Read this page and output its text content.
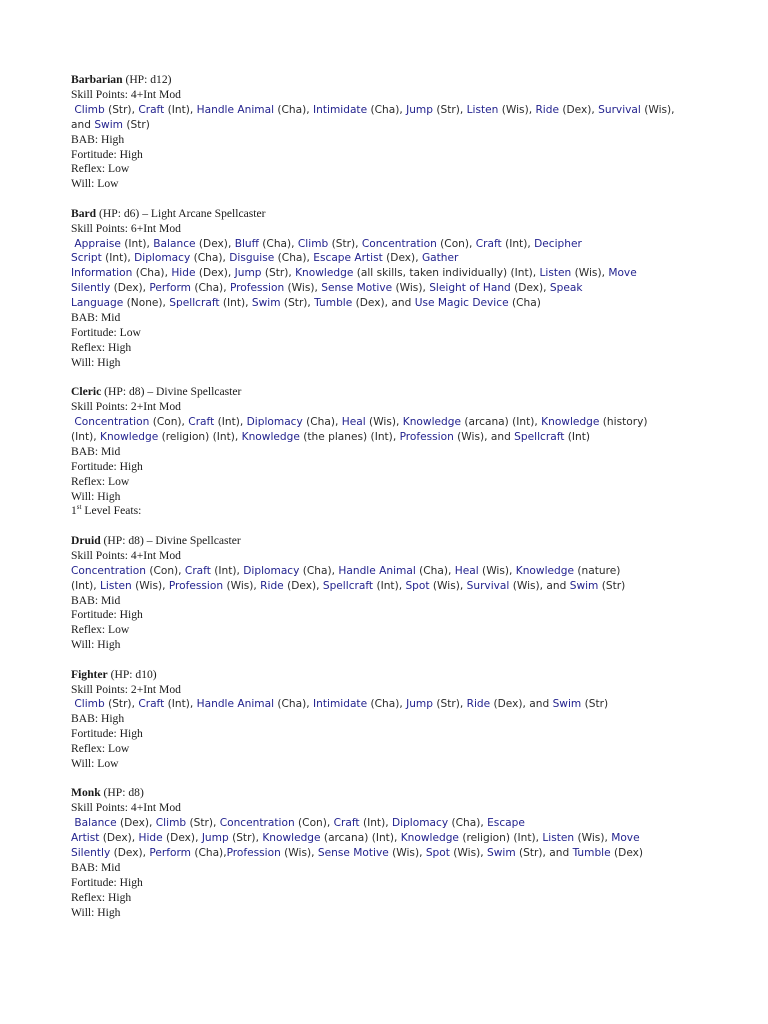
Barbarian (HP: d12)
Skill Points: 4+Int Mod
Climb (Str), Craft (Int), Handle Animal (Cha), Intimidate (Cha), Jump (Str), Listen (Wis), Ride (Dex), Survival (Wis),
and Swim (Str)
BAB: High
Fortitude: High
Reflex: Low
Will: Low
Bard (HP: d6) – Light Arcane Spellcaster
Skill Points: 6+Int Mod
Appraise (Int), Balance (Dex), Bluff (Cha), Climb (Str), Concentration (Con), Craft (Int), Decipher
Script (Int), Diplomacy (Cha), Disguise (Cha), Escape Artist (Dex), Gather
Information (Cha), Hide (Dex), Jump (Str), Knowledge (all skills, taken individually) (Int), Listen (Wis), Move
Silently (Dex), Perform (Cha), Profession (Wis), Sense Motive (Wis), Sleight of Hand (Dex), Speak
Language (None), Spellcraft (Int), Swim (Str), Tumble (Dex), and Use Magic Device (Cha)
BAB: Mid
Fortitude: Low
Reflex: High
Will: High
Cleric (HP: d8) – Divine Spellcaster
Skill Points: 2+Int Mod
Concentration (Con), Craft (Int), Diplomacy (Cha), Heal (Wis), Knowledge (arcana) (Int), Knowledge (history)
(Int), Knowledge (religion) (Int), Knowledge (the planes) (Int), Profession (Wis), and Spellcraft (Int)
BAB: Mid
Fortitude: High
Reflex: Low
Will: High
1st Level Feats:
Druid (HP: d8) – Divine Spellcaster
Skill Points: 4+Int Mod
Concentration (Con), Craft (Int), Diplomacy (Cha), Handle Animal (Cha), Heal (Wis), Knowledge (nature)
(Int), Listen (Wis), Profession (Wis), Ride (Dex), Spellcraft (Int), Spot (Wis), Survival (Wis), and Swim (Str)
BAB: Mid
Fortitude: High
Reflex: Low
Will: High
Fighter (HP: d10)
Skill Points: 2+Int Mod
Climb (Str), Craft (Int), Handle Animal (Cha), Intimidate (Cha), Jump (Str), Ride (Dex), and Swim (Str)
BAB: High
Fortitude: High
Reflex: Low
Will: Low
Monk (HP: d8)
Skill Points: 4+Int Mod
Balance (Dex), Climb (Str), Concentration (Con), Craft (Int), Diplomacy (Cha), Escape
Artist (Dex), Hide (Dex), Jump (Str), Knowledge (arcana) (Int), Knowledge (religion) (Int), Listen (Wis), Move
Silently (Dex), Perform (Cha),Profession (Wis), Sense Motive (Wis), Spot (Wis), Swim (Str), and Tumble (Dex)
BAB: Mid
Fortitude: High
Reflex: High
Will: High
